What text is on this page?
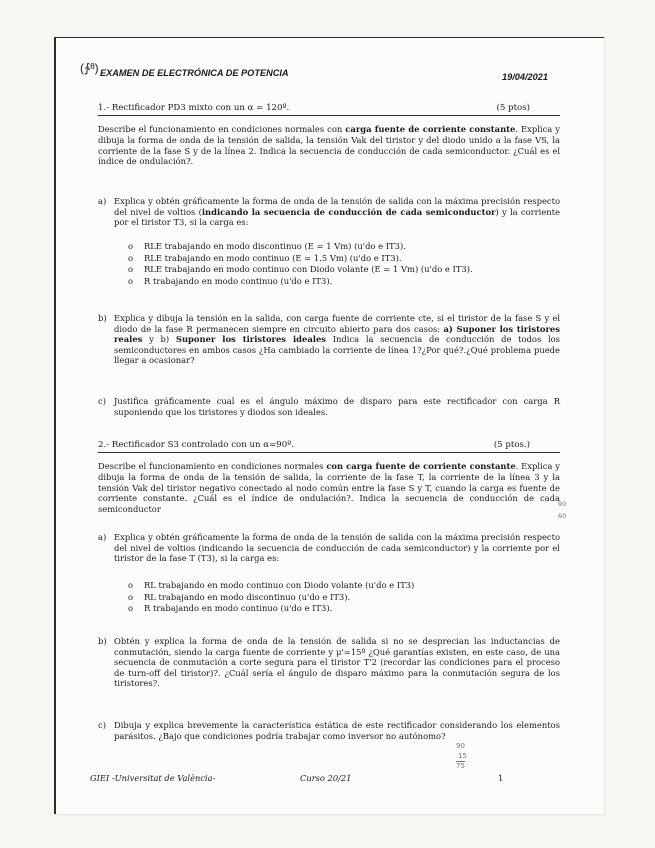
(∱ᶿ) EXAMEN DE ELECTRÓNICA DE POTENCIA	19/04/2021
1.- Rectificador PD3 mixto con un α = 120º.	(5 ptos)
Describe el funcionamiento en condiciones normales con carga fuente de corriente constante. Explica y dibuja la forma de onda de la tensión de salida, la tensión Vak del tiristor y del diodo unido a la fase VS, la corriente de la fase S y de la línea 2. Indica la secuencia de conducción de cada semiconductor. ¿Cuál es el índice de ondulación?.
a) Explica y obtén gráficamente la forma de onda de la tensión de salida con la máxima precisión respecto del nivel de voltios (indicando la secuencia de conducción de cada semiconductor) y la corriente por el tiristor T3, si la carga es:
o RLE trabajando en modo discontinuo (E = 1 Vm) (u'do e IT3).
o RLE trabajando en modo continuo (E = 1.5 Vm) (u'do e IT3).
o RLE trabajando en modo continuo con Diodo volante (E = 1 Vm) (u'do e IT3).
o R trabajando en modo continuo (u'do e IT3).
b) Explica y dibuja la tensión en la salida, con carga fuente de corriente cte, si el tiristor de la fase S y el diodo de la fase R permanecen siempre en circuito abierto para dos casos: a) Suponer los tiristores reales y b) Suponer los tiristores ideales Indica la secuencia de conducción de todos los semiconductores en ambos casos ¿Ha cambiado la corriente de línea 1?¿Por qué?.¿Qué problema puede llegar a ocasionar?
c) Justifica gráficamente cual es el ángulo máximo de disparo para este rectificador con carga R suponiendo que los tiristores y diodos son ideales.
2.- Rectificador S3 controlado con un α=90º.	(5 ptos.)
Describe el funcionamiento en condiciones normales con carga fuente de corriente constante. Explica y dibuja la forma de onda de la tensión de salida, la corriente de la fase T, la corriente de la línea 3 y la tensión Vak del tiristor negativo conectado al nodo común entre la fase S y T, cuando la carga es fuente de corriente constante. ¿Cuál es el índice de ondulación?. Indica la secuencia de conducción de cada semiconductor
90
60
a) Explica y obtén gráficamente la forma de onda de la tensión de salida con la máxima precisión respecto del nivel de voltios (indicando la secuencia de conducción de cada semiconductor) y la corriente por el tiristor de la fase T (T3), si la carga es:
o RL trabajando en modo continuo con Diodo volante (u'do e IT3)
o RL trabajando en modo discontinuo (u'do e IT3).
o R trabajando en modo continuo (u'do e IT3).
b) Obtén y explica la forma de onda de la tensión de salida si no se desprecian las inductancias de conmutación, siendo la carga fuente de corriente y μ'=15º ¿Qué garantías existen, en este caso, de una secuencia de conmutación a corte segura para el tiristor T'2 (recordar las condiciones para el proceso de turn-off del tiristor)?. ¿Cuál sería el ángulo de disparo máximo para la conmutación segura de los tiristores?.
c) Dibuja y explica brevemente la característica estática de este rectificador considerando los elementos parásitos. ¿Bajo que condiciones podría trabajar como inversor no autónomo?
90
15
75
GIEI -Universitat de València-	Curso 20/21	1
